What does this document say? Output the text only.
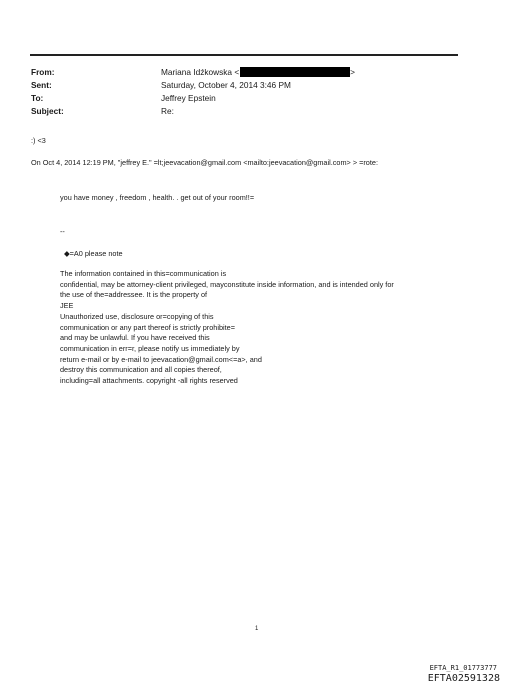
From:	Mariana Idźkowska <	>
Sent:	Saturday, October 4, 2014 3:46 PM
To:	Jeffrey Epstein
Subject:	Re:
:) <3
On Oct 4, 2014 12:19 PM, "jeffrey E." =lt;jeevacation@gmail.com <mailto:jeevacation@gmail.com> > =rote:
you have money , freedom , health. . get out of your room!!=
--
◆=A0 please note
The information contained in this=communication is
confidential, may be attorney-client privileged, mayconstitute inside information, and is intended only for
the use of the=addressee. It is the property of
JEE
Unauthorized use, disclosure or=copying of this
communication or any part thereof is strictly prohibite=
and may be unlawful. If you have received this
communication in err=r, please notify us immediately by
return e-mail or by e-mail to jeevacation@gmail.com<=a>, and
destroy this communication and all copies thereof,
including=all attachments. copyright -all rights reserved
1
EFTA_R1_01773777
EFTA02591328
